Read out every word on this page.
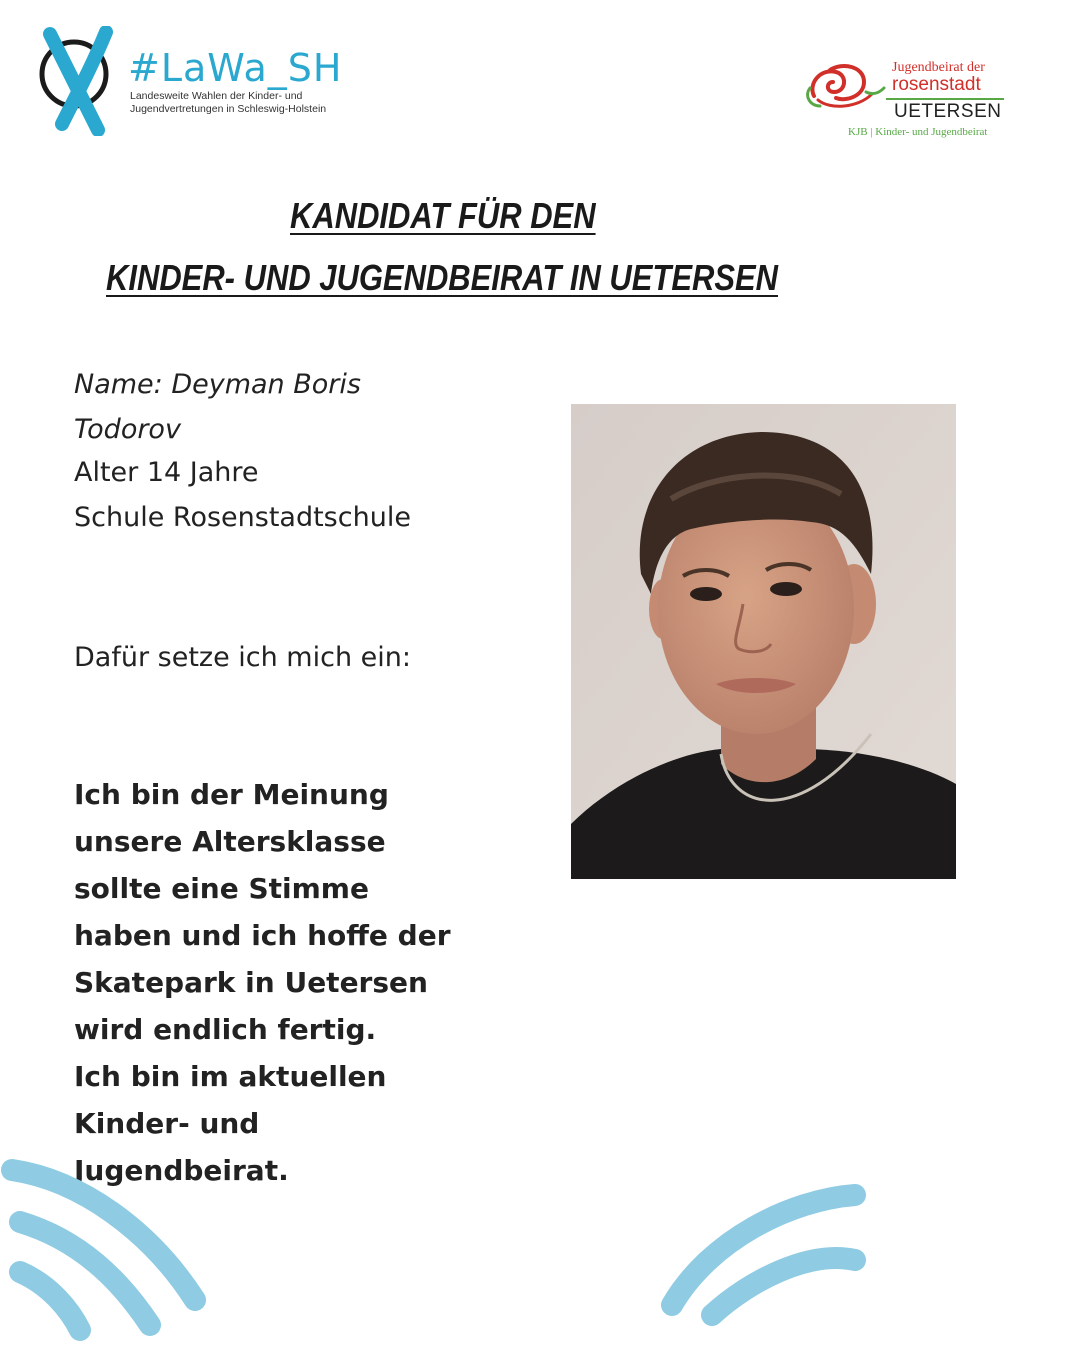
#LaWa_SH
Landesweite Wahlen der Kinder- und Jugendvertretungen in Schleswig-Holstein
Jugendbeirat der
rosenstadt
UETERSEN
KJB | Kinder- und Jugendbeirat
KANDIDAT FÜR DEN
KINDER- UND JUGENDBEIRAT IN UETERSEN
Name: Deyman Boris Todorov
Alter 14 Jahre
Schule Rosenstadtschule
Dafür setze ich mich ein:
Ich bin der Meinung
unsere Altersklasse
sollte eine Stimme
haben und ich hoffe der
Skatepark in Uetersen
wird endlich fertig.
Ich bin im aktuellen
Kinder- und
Jugendbeirat.
